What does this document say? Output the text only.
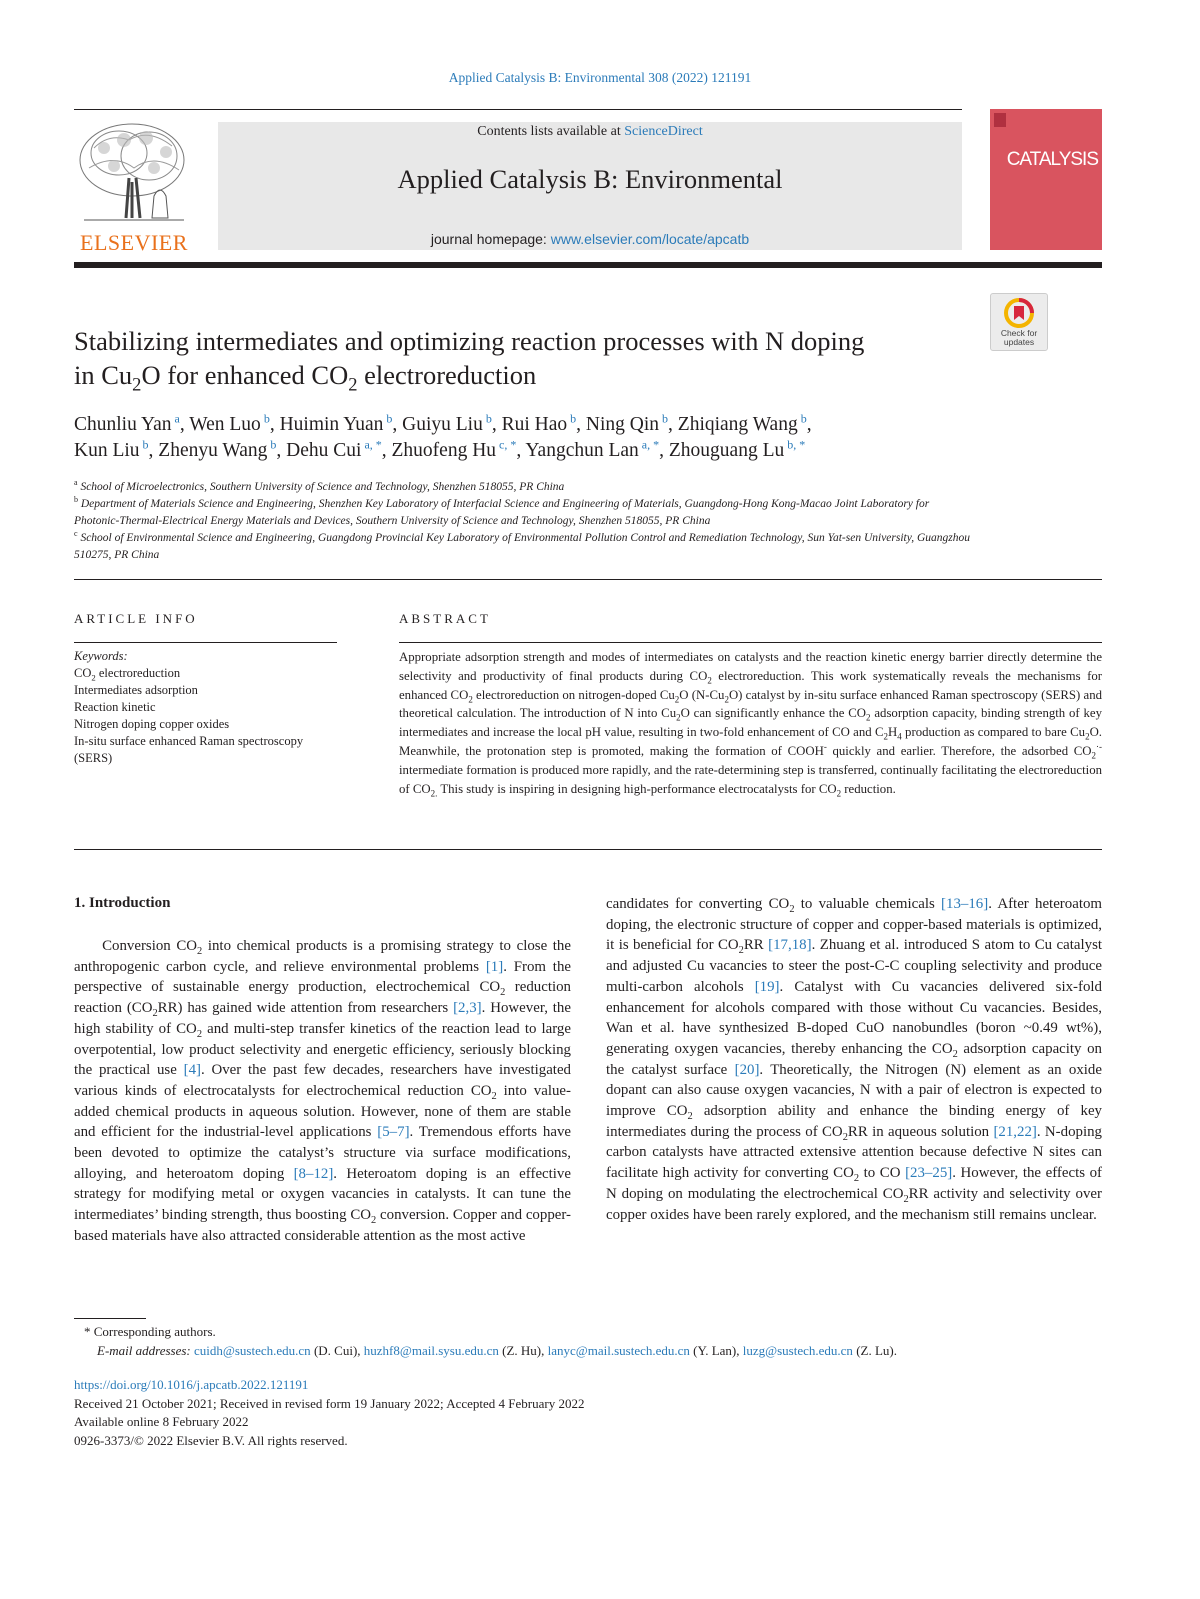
Applied Catalysis B: Environmental 308 (2022) 121191
ELSEVIER
Contents lists available at ScienceDirect
Applied Catalysis B: Environmental
journal homepage: www.elsevier.com/locate/apcatb
CATALYSIS
Stabilizing intermediates and optimizing reaction processes with N doping
in $Cu_2O$ for enhanced $CO_2$ electroreduction
Check for updates
Chunliu Yan $^a$, Wen Luo $^b$, Huimin Yuan $^b$, Guiyu Liu $^b$, Rui Hao $^b$, Ning Qin $^b$, Zhiqiang Wang $^b$,
Kun Liu $^b$, Zhenyu Wang $^b$, Dehu Cui $^{a, *}$, Zhuofeng Hu $^{c, *}$, Yangchun Lan $^{a, *}$, Zhouguang Lu $^{b, *}$
$^a$ School of Microelectronics, Southern University of Science and Technology, Shenzhen 518055, PR China
$^b$ Department of Materials Science and Engineering, Shenzhen Key Laboratory of Interfacial Science and Engineering of Materials, Guangdong-Hong Kong-Macao Joint Laboratory for Photonic-Thermal-Electrical Energy Materials and Devices, Southern University of Science and Technology, Shenzhen 518055, PR China
$^c$ School of Environmental Science and Engineering, Guangdong Provincial Key Laboratory of Environmental Pollution Control and Remediation Technology, Sun Yat-sen University, Guangzhou 510275, PR China
ARTICLE INFO	ABSTRACT
Keywords:
$CO_2$ electroreduction
Intermediates adsorption
Reaction kinetic
Nitrogen doping copper oxides
In-situ surface enhanced Raman spectroscopy (SERS)
Appropriate adsorption strength and modes of intermediates on catalysts and the reaction kinetic energy barrier directly determine the selectivity and productivity of final products during $CO_2$ electroreduction. This work systematically reveals the mechanisms for enhanced $CO_2$ electroreduction on nitrogen-doped $Cu_2O$ $(N-Cu_2O)$ catalyst by in-situ surface enhanced Raman spectroscopy (SERS) and theoretical calculation. The introduction of N into $Cu_2O$ can significantly enhance the $CO_2$ adsorption capacity, binding strength of key intermediates and increase the local pH value, resulting in two-fold enhancement of CO and $C_2H_4$ production as compared to bare $Cu_2O$. Meanwhile, the protonation step is promoted, making the formation of COOH- quickly and earlier. Therefore, the adsorbed $CO_2^{\cdot-}$ intermediate formation is produced more rapidly, and the rate-determining step is transferred, continually facilitating the electroreduction of $CO_{2.}$ This study is inspiring in designing high-performance electrocatalysts for $CO_2$ reduction.
1. Introduction
Conversion $CO_2$ into chemical products is a promising strategy to close the anthropogenic carbon cycle, and relieve environmental problems [1]. From the perspective of sustainable energy production, electrochemical $CO_2$ reduction reaction $(CO_2RR)$ has gained wide attention from researchers [2,3]. However, the high stability of $CO_2$ and multi-step transfer kinetics of the reaction lead to large overpotential, low product selectivity and energetic efficiency, seriously blocking the practical use [4]. Over the past few decades, researchers have investigated various kinds of electrocatalysts for electrochemical reduction $CO_2$ into value-added chemical products in aqueous solution. However, none of them are stable and efficient for the industrial-level applications [5–7]. Tremendous efforts have been devoted to optimize the catalyst’s structure via surface modifications, alloying, and heteroatom doping [8–12]. Heteroatom doping is an effective strategy for modifying metal or oxygen vacancies in catalysts. It can tune the intermediates’ binding strength, thus boosting $CO_2$ conversion. Copper and copper-based materials have also attracted considerable attention as the most active
candidates for converting $CO_2$ to valuable chemicals [13–16]. After heteroatom doping, the electronic structure of copper and copper-based materials is optimized, it is beneficial for $CO_2RR$ [17,18]. Zhuang et al. introduced S atom to Cu catalyst and adjusted Cu vacancies to steer the post-C-C coupling selectivity and produce multi-carbon alcohols [19]. Catalyst with Cu vacancies delivered six-fold enhancement for alcohols compared with those without Cu vacancies. Besides, Wan et al. have synthesized B-doped CuO nanobundles (boron ~0.49 wt%), generating oxygen vacancies, thereby enhancing the $CO_2$ adsorption capacity on the catalyst surface [20]. Theoretically, the Nitrogen (N) element as an oxide dopant can also cause oxygen vacancies, N with a pair of electron is expected to improve $CO_2$ adsorption ability and enhance the binding energy of key intermediates during the process of $CO_2RR$ in aqueous solution [21,22]. N-doping carbon catalysts have attracted extensive attention because defective N sites can facilitate high activity for converting $CO_2$ to CO [23–25]. However, the effects of N doping on modulating the electrochemical $CO_2RR$ activity and selectivity over copper oxides have been rarely explored, and the mechanism still remains unclear.
* Corresponding authors.
E-mail addresses: cuidh@sustech.edu.cn (D. Cui), huzhf8@mail.sysu.edu.cn (Z. Hu), lanyc@mail.sustech.edu.cn (Y. Lan), luzg@sustech.edu.cn (Z. Lu).
https://doi.org/10.1016/j.apcatb.2022.121191
Received 21 October 2021; Received in revised form 19 January 2022; Accepted 4 February 2022
Available online 8 February 2022
0926-3373/© 2022 Elsevier B.V. All rights reserved.
